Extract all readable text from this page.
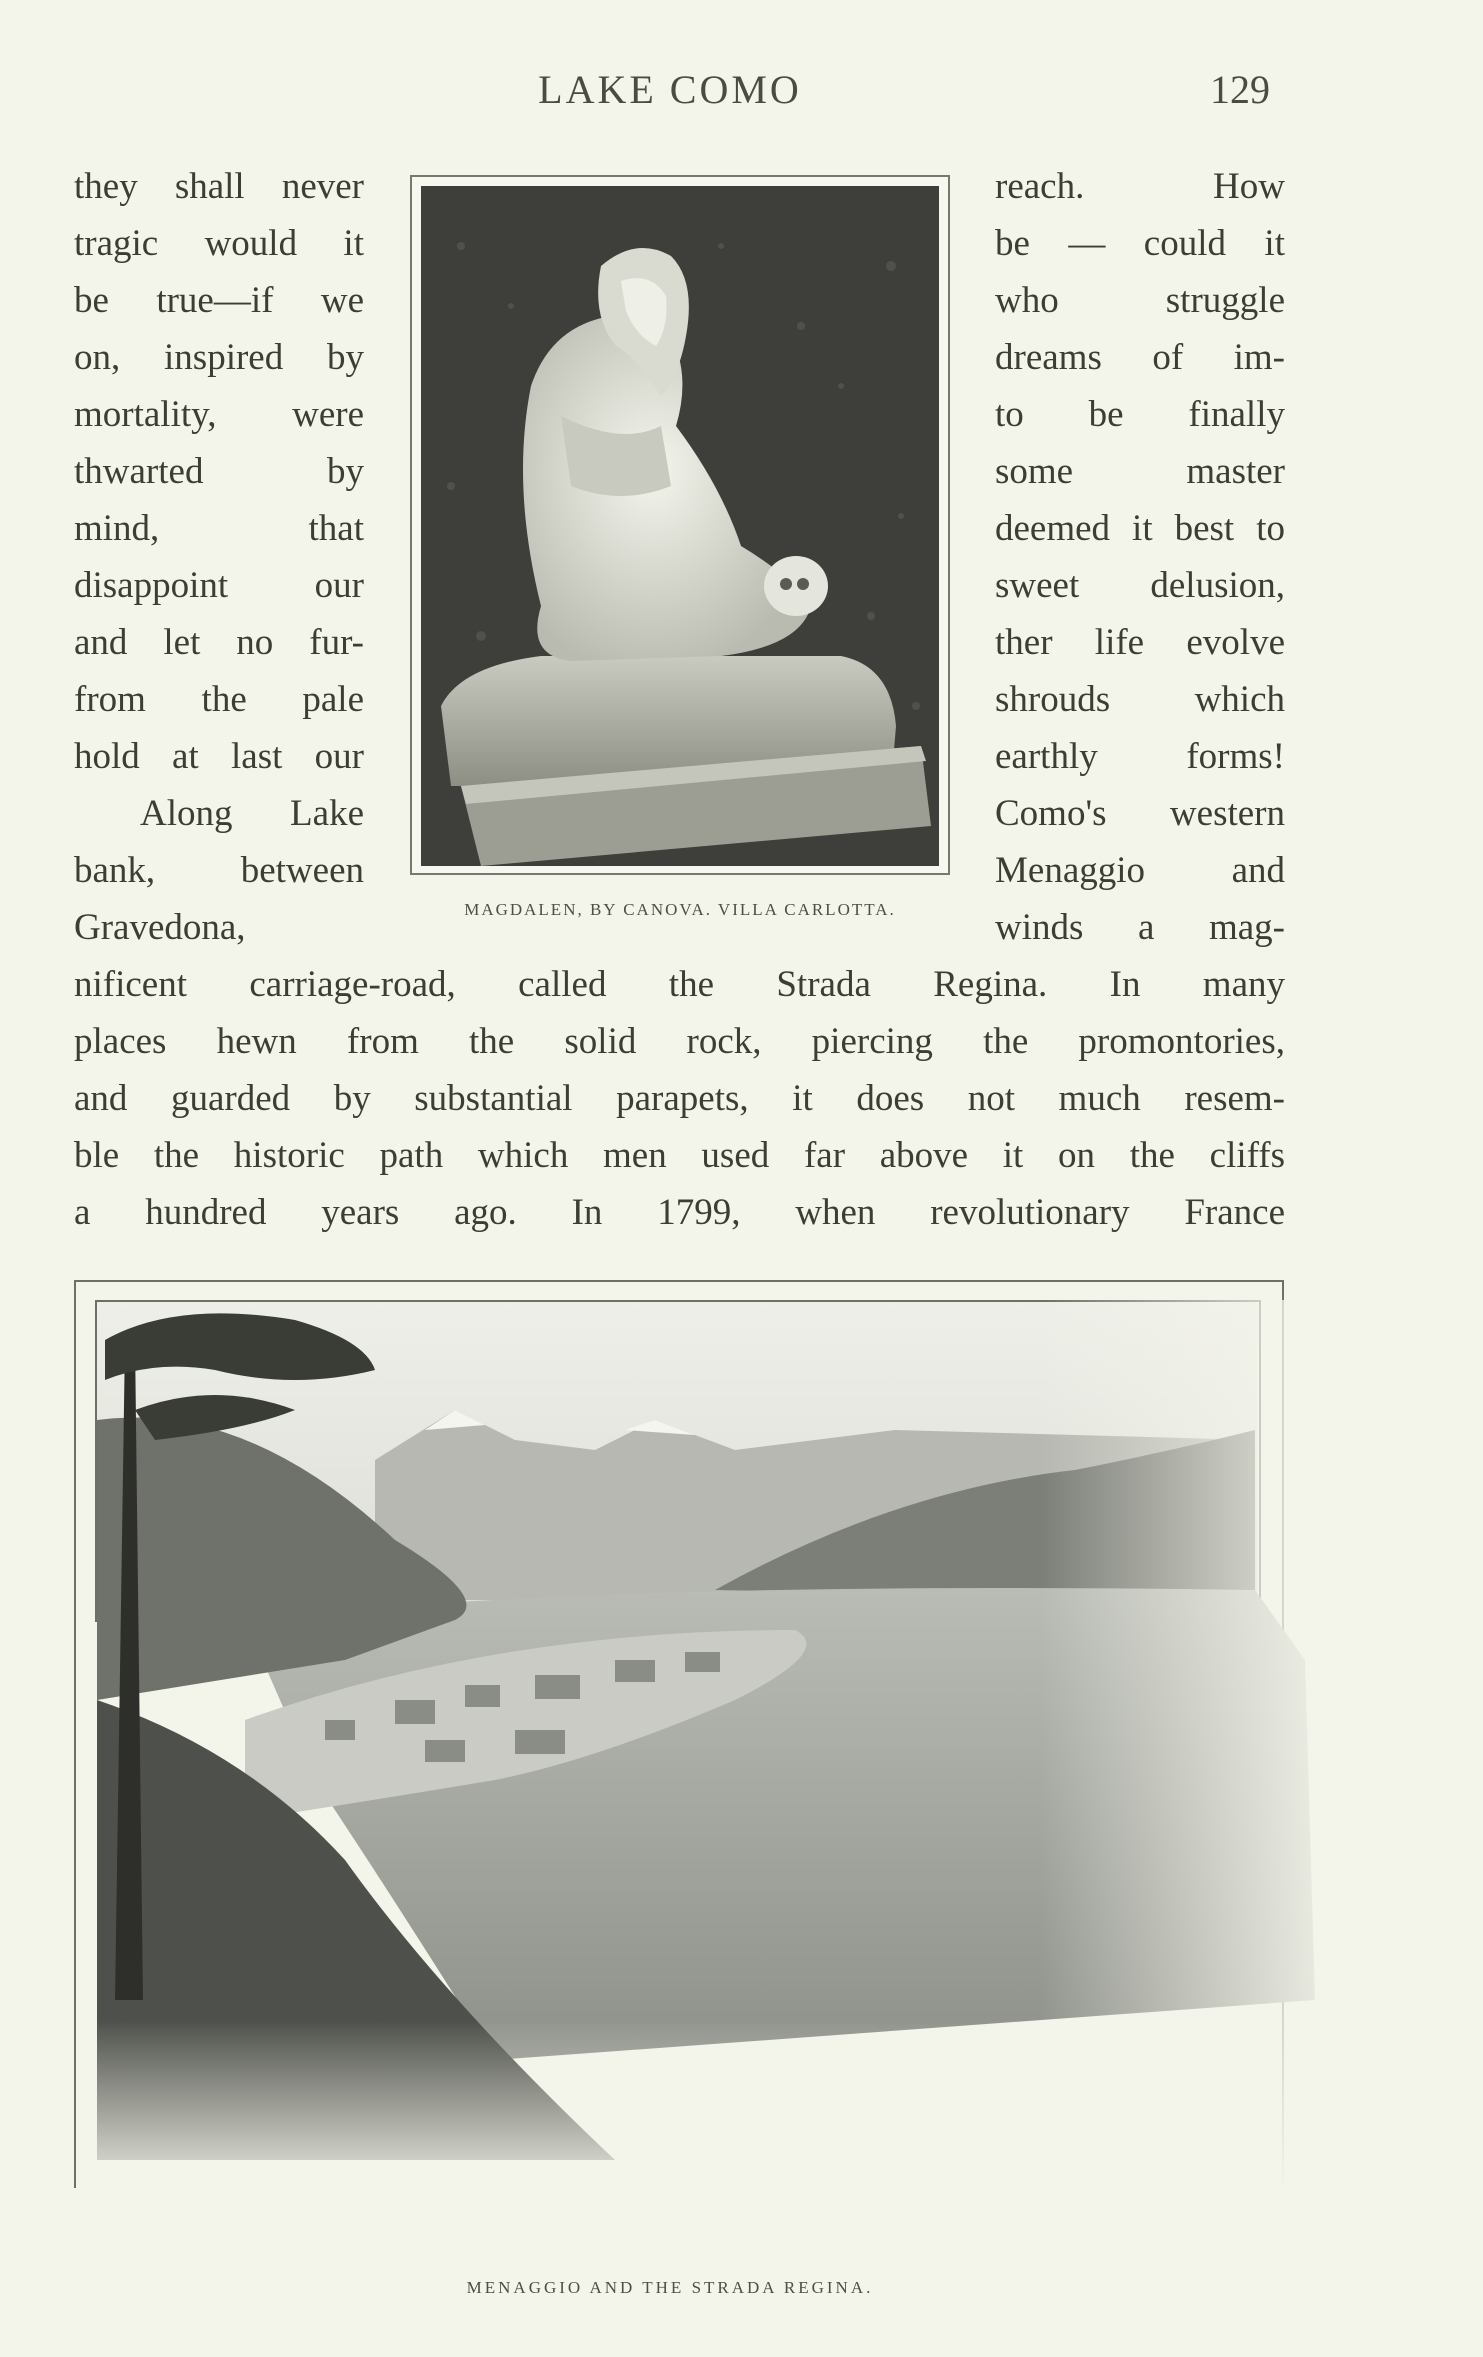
LAKE COMO	129
they shall never
tragic would it
be true—if we
on, inspired by
mortality, were
thwarted by
mind, that
disappoint our
and let no fur-
from the pale
hold at last our
Along Lake
bank, between
Gravedona,
reach. How
be — could it
who struggle
dreams of im-
to be finally
some master
deemed it best to
sweet delusion,
ther life evolve
shrouds which
earthly forms!
Como's western
Menaggio and
winds a mag-
MAGDALEN, BY CANOVA. VILLA CARLOTTA.
nificent carriage-road, called the Strada Regina. In many
places hewn from the solid rock, piercing the promontories,
and guarded by substantial parapets, it does not much resem-
ble the historic path which men used far above it on the cliffs
a hundred years ago. In 1799, when revolutionary France
MENAGGIO AND THE STRADA REGINA.
